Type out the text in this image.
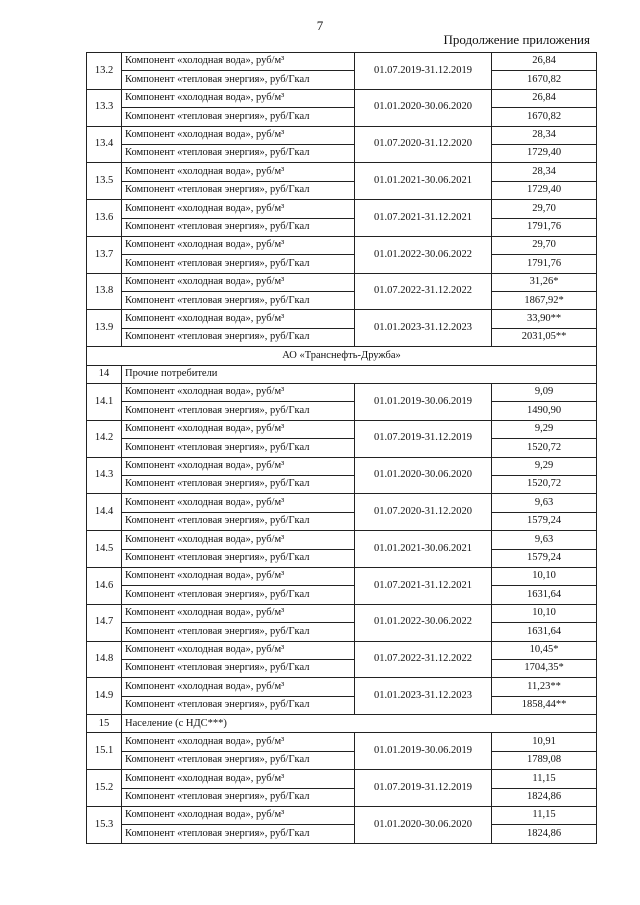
7
Продолжение приложения
13.2	Компонент «холодная вода», руб/м³	01.07.2019-31.12.2019	26,84
	Компонент «тепловая энергия», руб/Гкал		1670,82
13.3	Компонент «холодная вода», руб/м³	01.01.2020-30.06.2020	26,84
	Компонент «тепловая энергия», руб/Гкал		1670,82
13.4	Компонент «холодная вода», руб/м³	01.07.2020-31.12.2020	28,34
	Компонент «тепловая энергия», руб/Гкал		1729,40
13.5	Компонент «холодная вода», руб/м³	01.01.2021-30.06.2021	28,34
	Компонент «тепловая энергия», руб/Гкал		1729,40
13.6	Компонент «холодная вода», руб/м³	01.07.2021-31.12.2021	29,70
	Компонент «тепловая энергия», руб/Гкал		1791,76
13.7	Компонент «холодная вода», руб/м³	01.01.2022-30.06.2022	29,70
	Компонент «тепловая энергия», руб/Гкал		1791,76
13.8	Компонент «холодная вода», руб/м³	01.07.2022-31.12.2022	31,26*
	Компонент «тепловая энергия», руб/Гкал		1867,92*
13.9	Компонент «холодная вода», руб/м³	01.01.2023-31.12.2023	33,90**
	Компонент «тепловая энергия», руб/Гкал		2031,05**
АО «Транснефть-Дружба»			
14	Прочие потребители		
14.1	Компонент «холодная вода», руб/м³	01.01.2019-30.06.2019	9,09
	Компонент «тепловая энергия», руб/Гкал		1490,90
14.2	Компонент «холодная вода», руб/м³	01.07.2019-31.12.2019	9,29
	Компонент «тепловая энергия», руб/Гкал		1520,72
14.3	Компонент «холодная вода», руб/м³	01.01.2020-30.06.2020	9,29
	Компонент «тепловая энергия», руб/Гкал		1520,72
14.4	Компонент «холодная вода», руб/м³	01.07.2020-31.12.2020	9,63
	Компонент «тепловая энергия», руб/Гкал		1579,24
14.5	Компонент «холодная вода», руб/м³	01.01.2021-30.06.2021	9,63
	Компонент «тепловая энергия», руб/Гкал		1579,24
14.6	Компонент «холодная вода», руб/м³	01.07.2021-31.12.2021	10,10
	Компонент «тепловая энергия», руб/Гкал		1631,64
14.7	Компонент «холодная вода», руб/м³	01.01.2022-30.06.2022	10,10
	Компонент «тепловая энергия», руб/Гкал		1631,64
14.8	Компонент «холодная вода», руб/м³	01.07.2022-31.12.2022	10,45*
	Компонент «тепловая энергия», руб/Гкал		1704,35*
14.9	Компонент «холодная вода», руб/м³	01.01.2023-31.12.2023	11,23**
	Компонент «тепловая энергия», руб/Гкал		1858,44**
15	Население (с НДС***)		
15.1	Компонент «холодная вода», руб/м³	01.01.2019-30.06.2019	10,91
	Компонент «тепловая энергия», руб/Гкал		1789,08
15.2	Компонент «холодная вода», руб/м³	01.07.2019-31.12.2019	11,15
	Компонент «тепловая энергия», руб/Гкал		1824,86
15.3	Компонент «холодная вода», руб/м³	01.01.2020-30.06.2020	11,15
	Компонент «тепловая энергия», руб/Гкал		1824,86
